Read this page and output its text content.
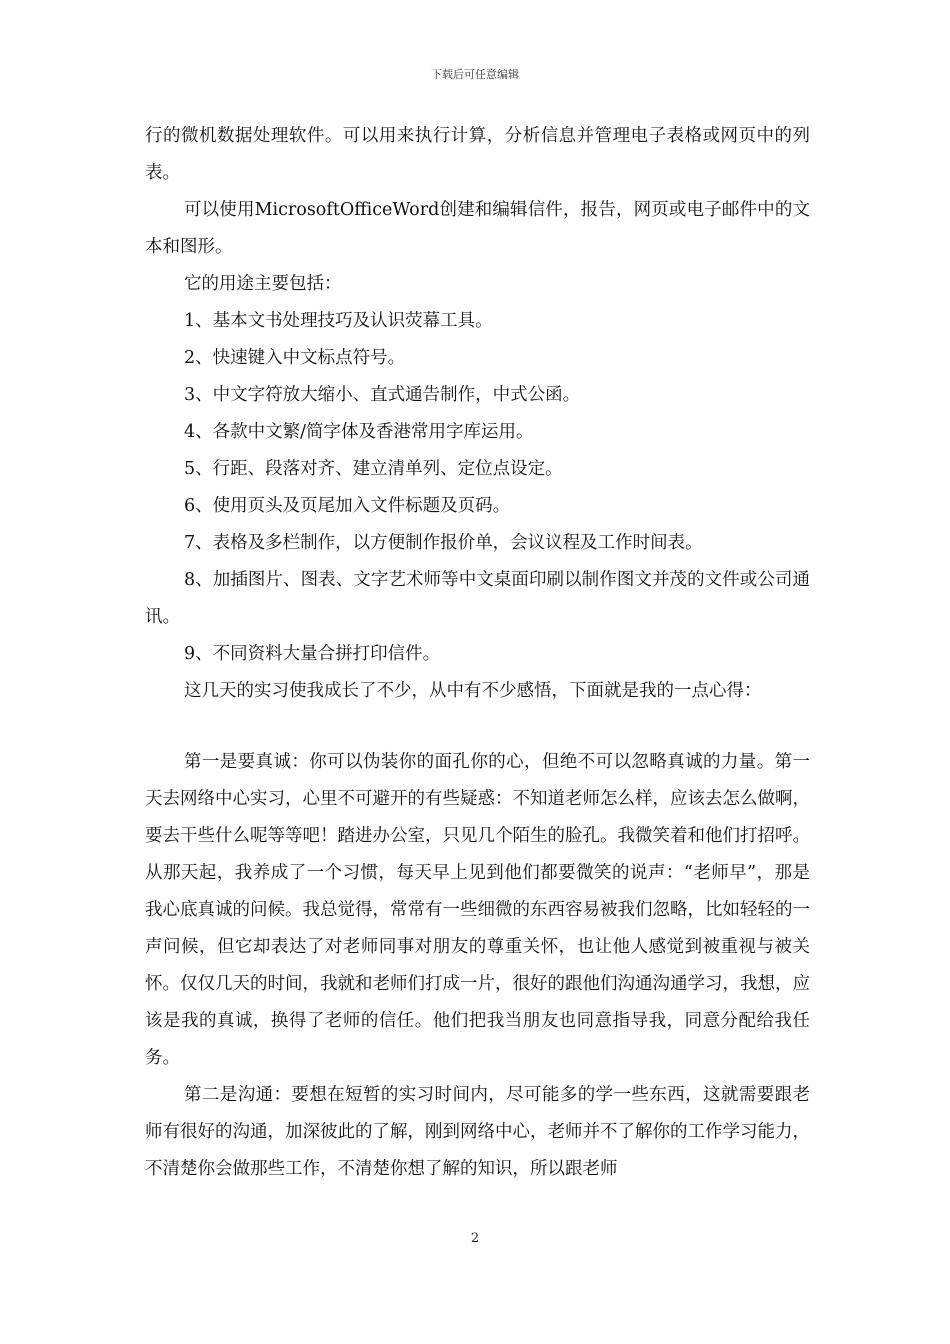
下载后可任意编辑

行的微机数据处理软件。可以用来执行计算，分析信息并管理电子表格或网页中的列表。

可以使用MicrosoftOfficeWord创建和编辑信件，报告，网页或电子邮件中的文本和图形。

它的用途主要包括：

1、基本文书处理技巧及认识荧幕工具。

2、快速键入中文标点符号。

3、中文字符放大缩小、直式通告制作，中式公函。

4、各款中文繁/简字体及香港常用字库运用。

5、行距、段落对齐、建立清单列、定位点设定。

6、使用页头及页尾加入文件标题及页码。

7、表格及多栏制作，以方便制作报价单，会议议程及工作时间表。

8、加插图片、图表、文字艺术师等中文桌面印刷以制作图文并茂的文件或公司通讯。

9、不同资料大量合拼打印信件。

这几天的实习使我成长了不少，从中有不少感悟，下面就是我的一点心得：

第一是要真诚：你可以伪装你的面孔你的心，但绝不可以忽略真诚的力量。第一天去网络中心实习，心里不可避开的有些疑惑：不知道老师怎么样，应该去怎么做啊，要去干些什么呢等等吧！踏进办公室，只见几个陌生的脸孔。我微笑着和他们打招呼。从那天起，我养成了一个习惯，每天早上见到他们都要微笑的说声：“老师早”，那是我心底真诚的问候。我总觉得，常常有一些细微的东西容易被我们忽略，比如轻轻的一声问候，但它却表达了对老师同事对朋友的尊重关怀，也让他人感觉到被重视与被关怀。仅仅几天的时间，我就和老师们打成一片，很好的跟他们沟通沟通学习，我想，应该是我的真诚，换得了老师的信任。他们把我当朋友也同意指导我，同意分配给我任务。

第二是沟通：要想在短暂的实习时间内，尽可能多的学一些东西，这就需要跟老师有很好的沟通，加深彼此的了解，刚到网络中心，老师并不了解你的工作学习能力，不清楚你会做那些工作，不清楚你想了解的知识，所以跟老师

2
